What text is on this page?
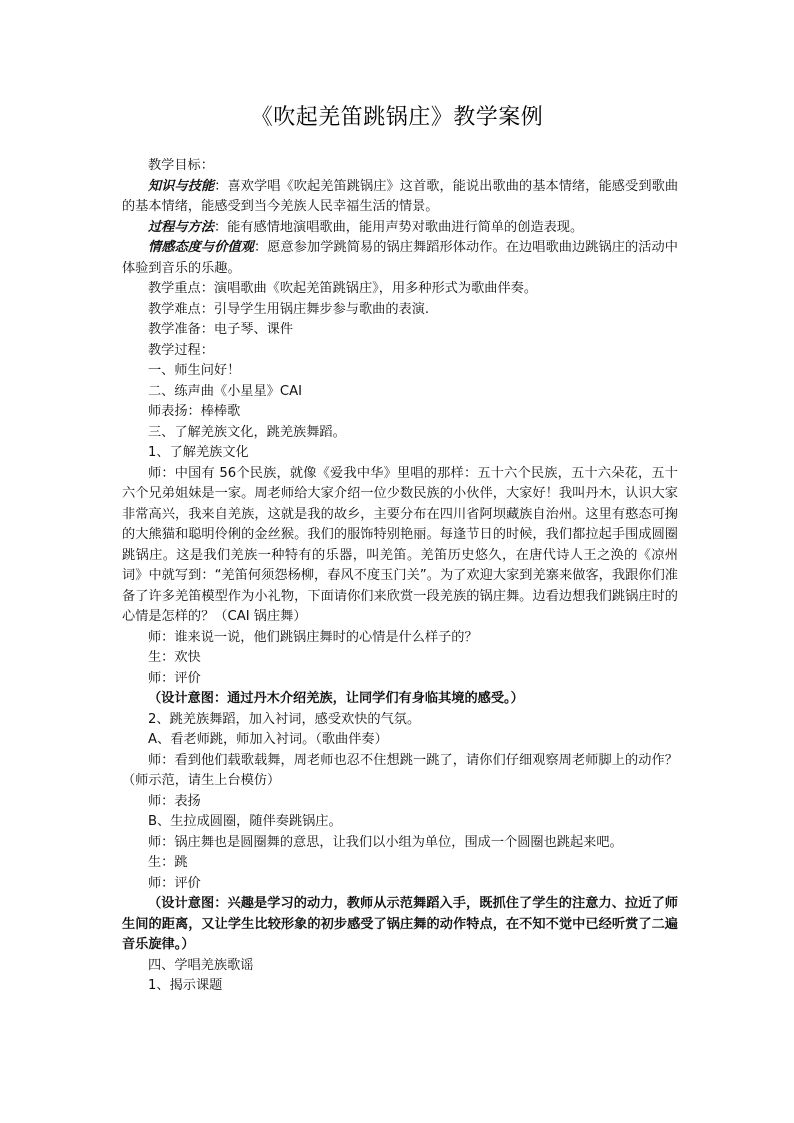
《吹起羌笛跳锅庄》教学案例

教学目标：

知识与技能：喜欢学唱《吹起羌笛跳锅庄》这首歌，能说出歌曲的基本情绪，能感受到歌曲的基本情绪，能感受到当今羌族人民幸福生活的情景。

过程与方法：能有感情地演唱歌曲，能用声势对歌曲进行简单的创造表现。

情感态度与价值观：愿意参加学跳简易的锅庄舞蹈形体动作。在边唱歌曲边跳锅庄的活动中体验到音乐的乐趣。

教学重点：演唱歌曲《吹起羌笛跳锅庄》，用多种形式为歌曲伴奏。

教学难点：引导学生用锅庄舞步参与歌曲的表演.

教学准备：电子琴、课件

教学过程：

一、师生问好！

二、练声曲《小星星》CAI

师表扬：棒棒歌

三、了解羌族文化，跳羌族舞蹈。

1、了解羌族文化

师：中国有 56个民族，就像《爱我中华》里唱的那样：五十六个民族，五十六朵花，五十六个兄弟姐妹是一家。周老师给大家介绍一位少数民族的小伙伴，大家好！我叫丹木，认识大家非常高兴，我来自羌族，这就是我的故乡，主要分布在四川省阿坝藏族自治州。这里有憨态可掬的大熊猫和聪明伶俐的金丝猴。我们的服饰特别艳丽。每逢节日的时候，我们都拉起手围成圆圈跳锅庄。这是我们羌族一种特有的乐器，叫羌笛。羌笛历史悠久，在唐代诗人王之涣的《凉州词》中就写到：“羌笛何须怨杨柳，春风不度玉门关”。为了欢迎大家到羌寨来做客，我跟你们准备了许多羌笛模型作为小礼物，下面请你们来欣赏一段羌族的锅庄舞。边看边想我们跳锅庄时的心情是怎样的？（CAI 锅庄舞）

师：谁来说一说，他们跳锅庄舞时的心情是什么样子的？

生：欢快

师：评价

（设计意图：通过丹木介绍羌族，让同学们有身临其境的感受。）

2、跳羌族舞蹈，加入衬词，感受欢快的气氛。

A、看老师跳，师加入衬词。（歌曲伴奏）

师：看到他们载歌载舞，周老师也忍不住想跳一跳了，请你们仔细观察周老师脚上的动作？（师示范，请生上台模仿）

师：表扬

B、生拉成圆圈，随伴奏跳锅庄。

师：锅庄舞也是圆圈舞的意思，让我们以小组为单位，围成一个圆圈也跳起来吧。

生：跳

师：评价

（设计意图：兴趣是学习的动力，教师从示范舞蹈入手，既抓住了学生的注意力、拉近了师生间的距离，又让学生比较形象的初步感受了锅庄舞的动作特点，在不知不觉中已经听赏了二遍音乐旋律。）

四、学唱羌族歌谣

1、揭示课题
